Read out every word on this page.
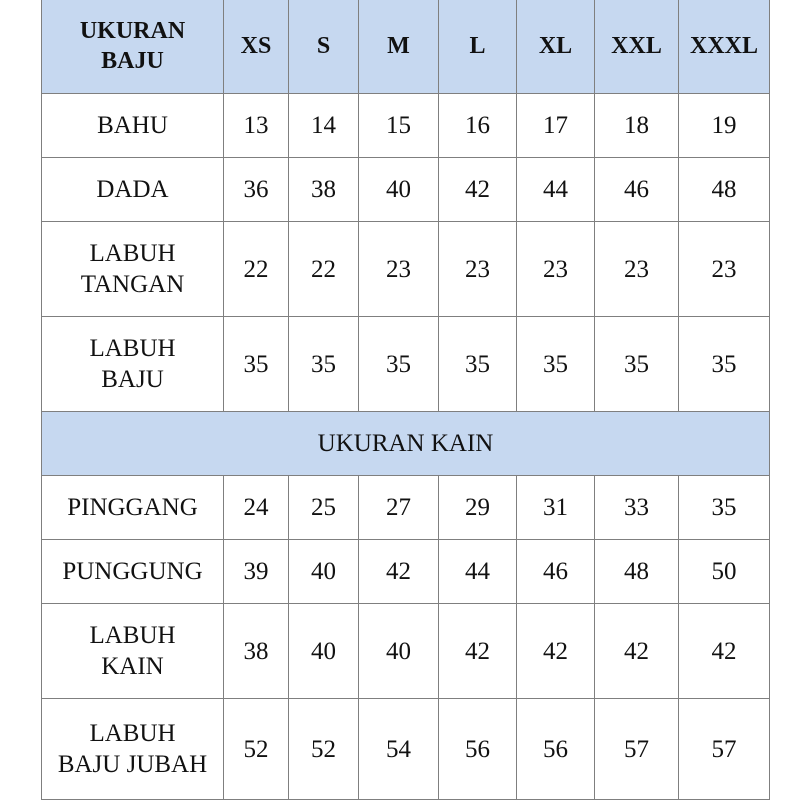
UKURAN
BAJU	XS	S	M	L	XL	XXL	XXXL
BAHU	13	14	15	16	17	18	19
DADA	36	38	40	42	44	46	48
LABUH
TANGAN	22	22	23	23	23	23	23
LABUH
BAJU	35	35	35	35	35	35	35
UKURAN KAIN							
PINGGANG	24	25	27	29	31	33	35
PUNGGUNG	39	40	42	44	46	48	50
LABUH
KAIN	38	40	40	42	42	42	42
LABUH
BAJU JUBAH	52	52	54	56	56	57	57
